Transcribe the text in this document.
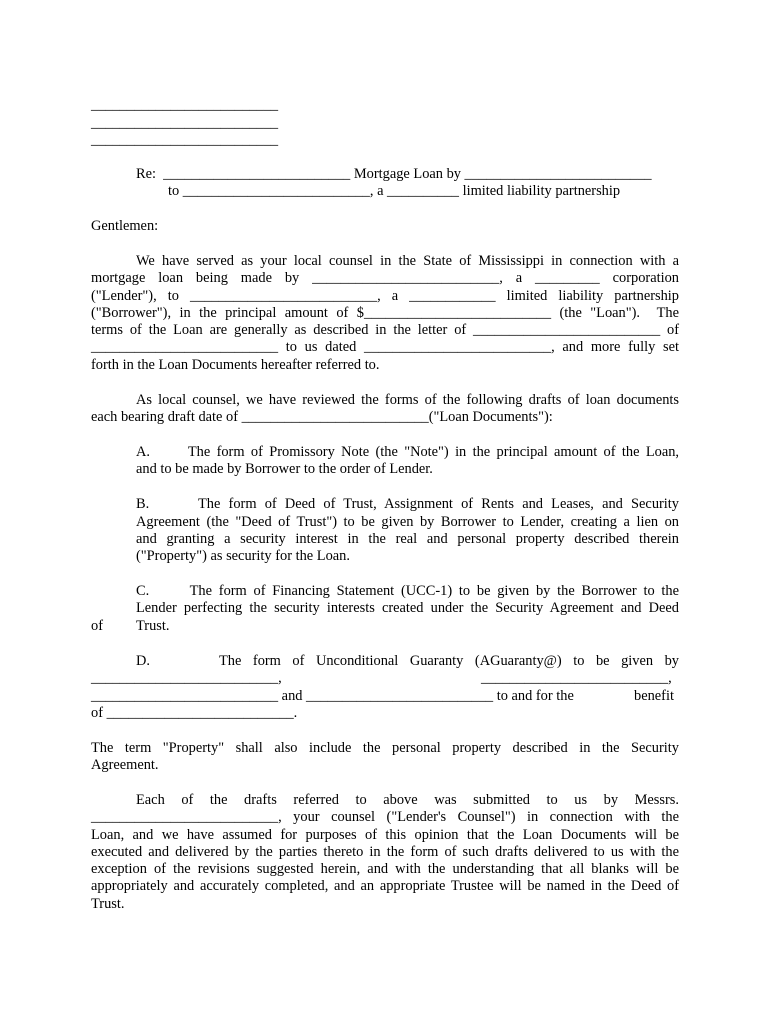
__________________________
__________________________
__________________________
Re:  __________________________ Mortgage Loan by __________________________
to __________________________, a __________ limited liability partnership
Gentlemen:
We have served as your local counsel in the State of Mississippi in connection with a
mortgage loan being made by __________________________, a _________ corporation
("Lender"), to __________________________, a ____________ limited liability partnership
("Borrower"), in the principal amount of $__________________________ (the "Loan").  The
terms of the Loan are generally as described in the letter of __________________________ of
__________________________ to us dated __________________________, and more fully set
forth in the Loan Documents hereafter referred to.
As local counsel, we have reviewed the forms of the following drafts of loan documents
each bearing draft date of __________________________("Loan Documents"):
A.      The form of Promissory Note (the "Note") in the principal amount of the Loan,
and to be made by Borrower to the order of Lender.
B.      The form of Deed of Trust, Assignment of Rents and Leases, and Security
Agreement (the "Deed of Trust") to be given by Borrower to Lender, creating a lien on
and granting a security interest in the real and personal property described therein
("Property") as security for the Loan.
C.      The form of Financing Statement (UCC-1) to be given by the Borrower to the
Lender perfecting the security interests created under the Security Agreement and Deed
of Trust.
D.      The form of Unconditional Guaranty (AGuaranty@) to be given by
__________________________,	__________________________,
__________________________ and __________________________ to and for the	benefit
of __________________________.
The term "Property" shall also include the personal property described in the Security
Agreement.
Each of the drafts referred to above was submitted to us by Messrs.
__________________________, your counsel ("Lender's Counsel") in connection with the
Loan, and we have assumed for purposes of this opinion that the Loan Documents will be
executed and delivered by the parties thereto in the form of such drafts delivered to us with the
exception of the revisions suggested herein, and with the understanding that all blanks will be
appropriately and accurately completed, and an appropriate Trustee will be named in the Deed of
Trust.
